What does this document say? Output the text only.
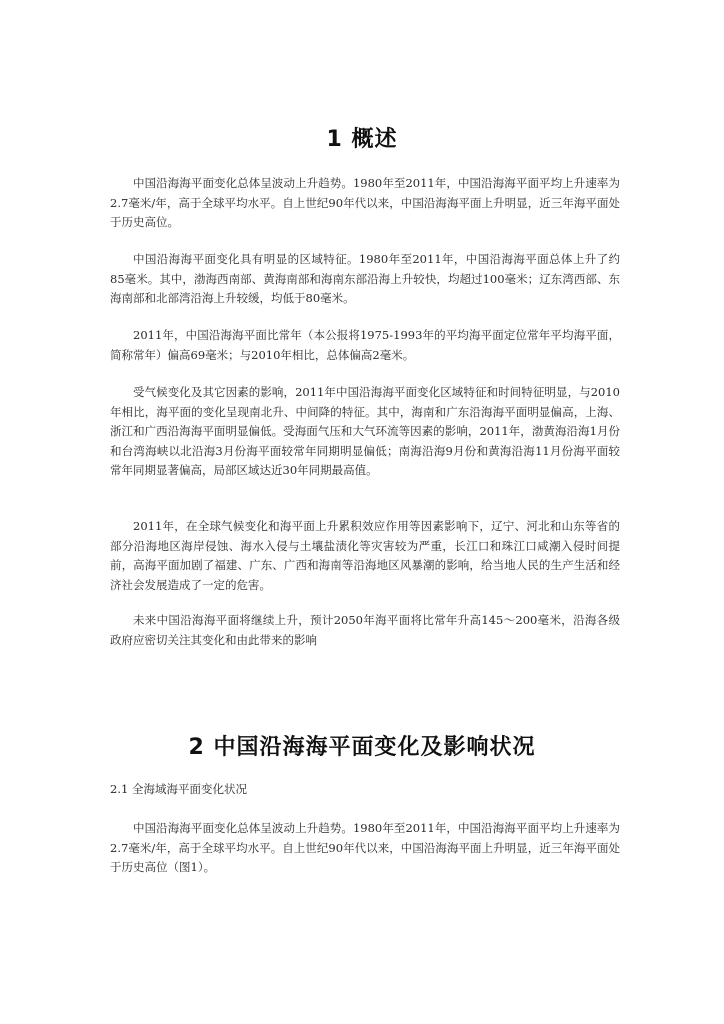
1 概述

中国沿海海平面变化总体呈波动上升趋势。1980年至2011年，中国沿海海平面平均上升速率为2.7毫米/年，高于全球平均水平。自上世纪90年代以来，中国沿海海平面上升明显，近三年海平面处于历史高位。

中国沿海海平面变化具有明显的区域特征。1980年至2011年，中国沿海海平面总体上升了约85毫米。其中，渤海西南部、黄海南部和海南东部沿海上升较快，均超过100毫米；辽东湾西部、东海南部和北部湾沿海上升较缓，均低于80毫米。

2011年，中国沿海海平面比常年（本公报将1975-1993年的平均海平面定位常年平均海平面，简称常年）偏高69毫米；与2010年相比，总体偏高2毫米。

受气候变化及其它因素的影响，2011年中国沿海海平面变化区域特征和时间特征明显，与2010年相比，海平面的变化呈现南北升、中间降的特征。其中，海南和广东沿海海平面明显偏高，上海、浙江和广西沿海海平面明显偏低。受海面气压和大气环流等因素的影响，2011年，渤黄海沿海1月份和台湾海峡以北沿海3月份海平面较常年同期明显偏低；南海沿海9月份和黄海沿海11月份海平面较常年同期显著偏高，局部区域达近30年同期最高值。

2011年，在全球气候变化和海平面上升累积效应作用等因素影响下，辽宁、河北和山东等省的部分沿海地区海岸侵蚀、海水入侵与土壤盐渍化等灾害较为严重，长江口和珠江口咸潮入侵时间提前，高海平面加剧了福建、广东、广西和海南等沿海地区风暴潮的影响，给当地人民的生产生活和经济社会发展造成了一定的危害。

未来中国沿海海平面将继续上升，预计2050年海平面将比常年升高145～200毫米，沿海各级政府应密切关注其变化和由此带来的影响

2 中国沿海海平面变化及影响状况
2.1 全海域海平面变化状况

中国沿海海平面变化总体呈波动上升趋势。1980年至2011年，中国沿海海平面平均上升速率为2.7毫米/年，高于全球平均水平。自上世纪90年代以来，中国沿海海平面上升明显，近三年海平面处于历史高位（图1）。
